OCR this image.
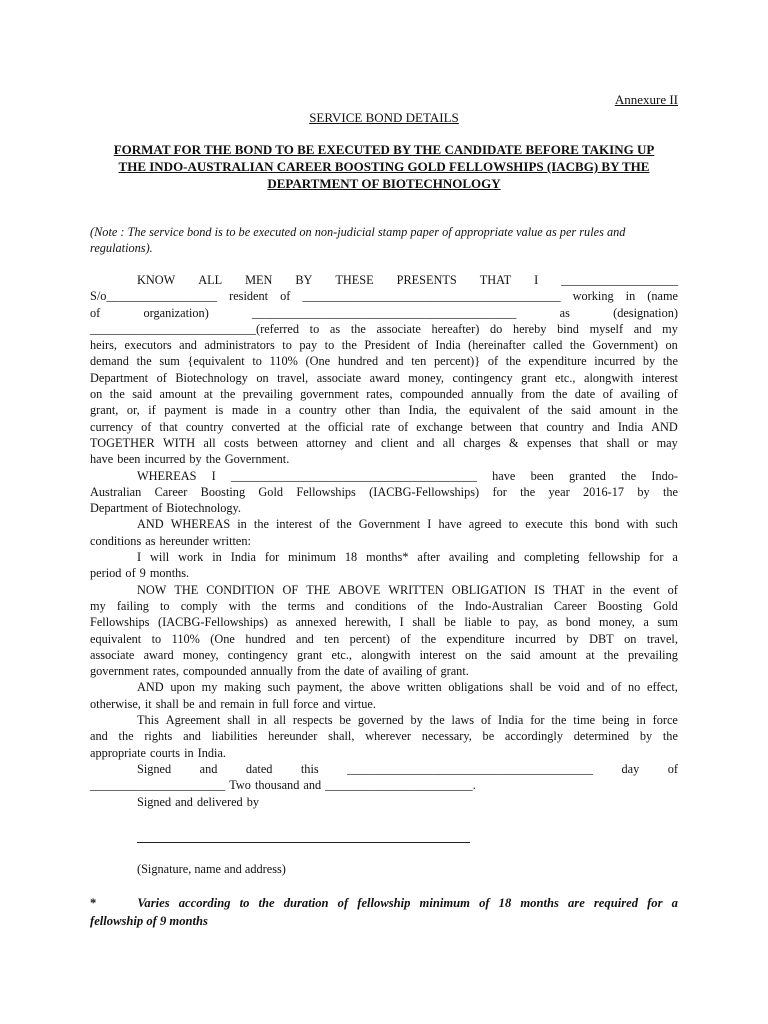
Annexure II
SERVICE BOND DETAILS
FORMAT FOR THE BOND TO BE EXECUTED BY THE CANDIDATE BEFORE TAKING UP
THE INDO-AUSTRALIAN CAREER BOOSTING GOLD FELLOWSHIPS (IACBG) BY THE
DEPARTMENT OF BIOTECHNOLOGY
(Note : The service bond is to be executed on non-judicial stamp paper of appropriate value as per rules and regulations).
KNOW ALL MEN BY THESE PRESENTS THAT I ___________________
S/o__________________ resident of __________________________________________ working in (name
of	organization)	___________________________________________	as	(designation)
___________________________(referred to as the associate hereafter) do hereby bind myself and my
heirs, executors and administrators to pay to the President of India (hereinafter called the Government) on
demand the sum {equivalent to 110% (One hundred and ten percent)} of the expenditure incurred by the
Department of Biotechnology on travel, associate award money, contingency grant etc., alongwith interest
on the said amount at the prevailing government rates, compounded annually from the date of availing of
grant, or, if payment is made in a country other than India, the equivalent of the said amount in the
currency of that country converted at the official rate of exchange between that country and India AND
TOGETHER WITH all costs between attorney and client and all charges & expenses that shall or may
have been incurred by the Government.
WHEREAS I ________________________________________ have been granted the Indo-
Australian Career Boosting Gold Fellowships (IACBG-Fellowships) for the year 2016-17 by the
Department of Biotechnology.
AND WHEREAS in the interest of the Government I have agreed to execute this bond with such
conditions as hereunder written:
I will work in India for minimum 18 months* after availing and completing fellowship for a
period of 9 months.
NOW THE CONDITION OF THE ABOVE WRITTEN OBLIGATION IS THAT in the event of
my failing to comply with the terms and conditions of the Indo-Australian Career Boosting Gold
Fellowships (IACBG-Fellowships) as annexed herewith, I shall be liable to pay, as bond money, a sum
equivalent to 110% (One hundred and ten percent) of the expenditure incurred by DBT on travel,
associate award money, contingency grant etc., alongwith interest on the said amount at the prevailing
government rates, compounded annually from the date of availing of grant.
AND upon my making such payment, the above written obligations shall be void and of no effect,
otherwise, it shall be and remain in full force and virtue.
This Agreement shall in all respects be governed by the laws of India for the time being in force
and the rights and liabilities hereunder shall, wherever necessary, be accordingly determined by the
appropriate courts in India.
Signed and dated this ________________________________________ day of
______________________ Two thousand and ________________________.
Signed and delivered by
(Signature, name and address)
*	Varies according to the duration of fellowship minimum of 18 months are required for a
fellowship of 9 months
